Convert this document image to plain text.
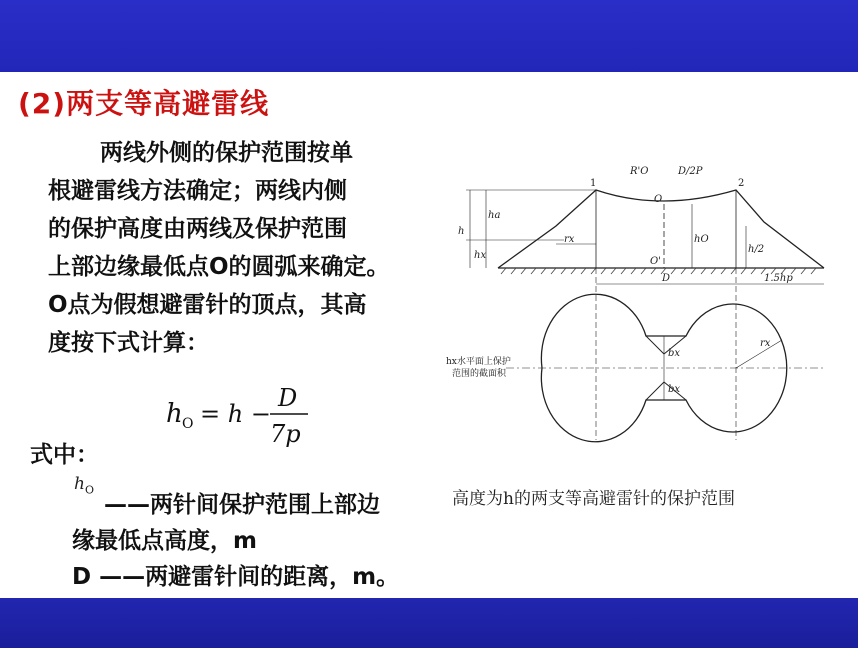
(2)两支等高避雷线
两线外侧的保护范围按单
根避雷线方法确定；两线内侧
的保护高度由两线及保护范围
上部边缘最低点O的圆弧来确定。
O点为假想避雷针的顶点，其高
度按下式计算：
h O = h −
D
7p
式中：
$h_O$
——两针间保护范围上部边
缘最低点高度，m
D ——两避雷针间的距离，m。
1	2
R'O	D/2P
O
O'
ha
h
hx
rx	hO
h/2
D	1.5hp
bx
bx
rx
hx水平面上保护
范围的截面积
高度为h的两支等高避雷针的保护范围
